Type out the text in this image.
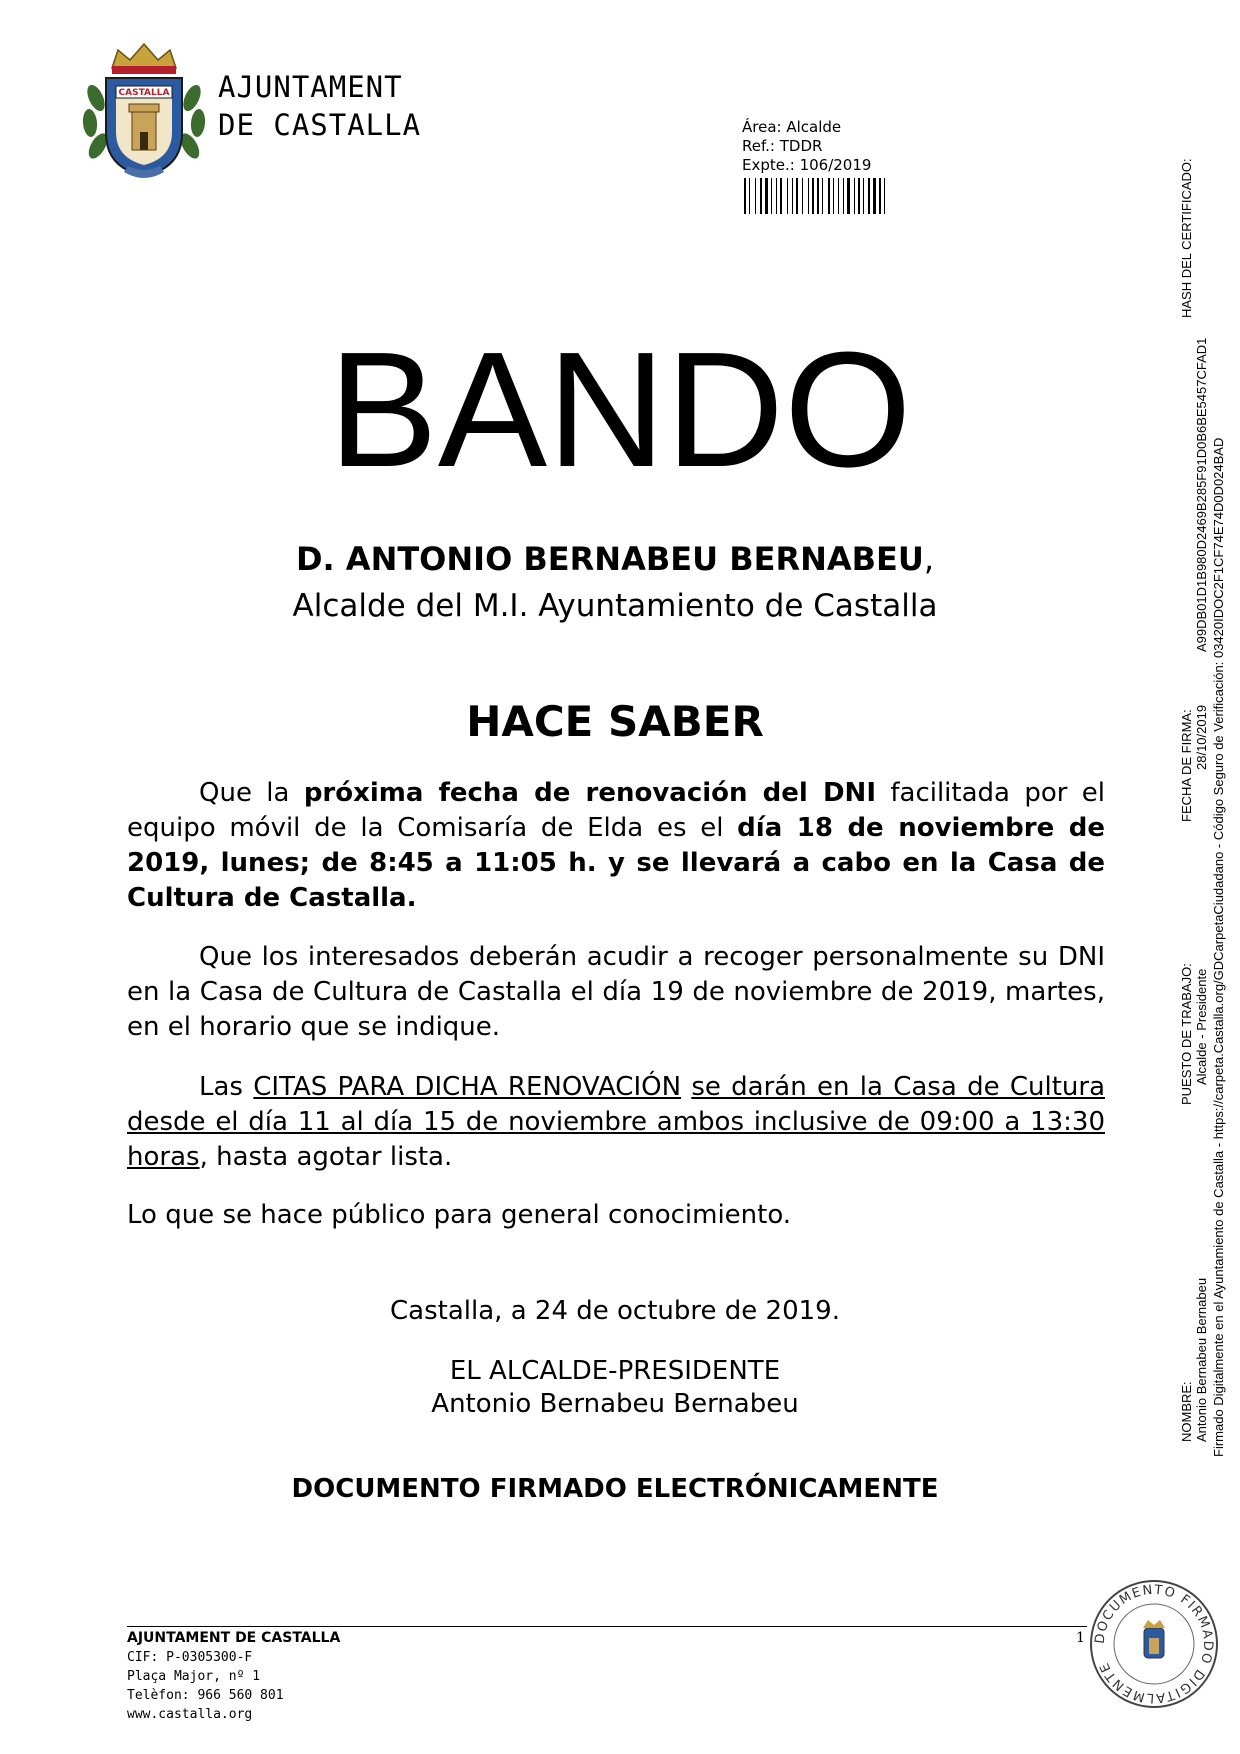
CASTALLA AJUNTAMENT
DE CASTALLA	Área: Alcalde
Ref.: TDDR
Expte.: 106/2019
BANDO
D. ANTONIO BERNABEU BERNABEU,
Alcalde del M.I. Ayuntamiento de Castalla
HACE SABER
Que la próxima fecha de renovación del DNI facilitada por el equipo móvil de la Comisaría de Elda es el día 18 de noviembre de 2019, lunes; de 8:45 a 11:05 h. y se llevará a cabo en la Casa de Cultura de Castalla.
Que los interesados deberán acudir a recoger personalmente su DNI en la Casa de Cultura de Castalla el día 19 de noviembre de 2019, martes, en el horario que se indique.
Las CITAS PARA DICHA RENOVACIÓN se darán en la Casa de Cultura desde el día 11 al día 15 de noviembre ambos inclusive de 09:00 a 13:30 horas, hasta agotar lista.
Lo que se hace público para general conocimiento.
Castalla, a 24 de octubre de 2019.
EL ALCALDE-PRESIDENTE
Antonio Bernabeu Bernabeu
DOCUMENTO FIRMADO ELECTRÓNICAMENTE
HASH DEL CERTIFICADO:
A99DB01D1B980D2469B285F91D0B6BE5457CFAD1
FECHA DE FIRMA: 28/10/2019
PUESTO DE TRABAJO: Alcalde - Presidente
NOMBRE: Antonio Bernabeu Bernabeu Firmado Digitalmente en el Ayuntamiento de Castalla - https://carpeta.Castalla.org/GDCarpetaCiudadano - Código Seguro de Verificación: 03420IDOC2F1CF74E74D0D024BAD
AJUNTAMENT DE CASTALLA
CIF: P-0305300-F
Plaça Major, nº 1
Telèfon: 966 560 801
www.castalla.org
1 DOCUMENTO FIRMADO DIGITALMENTE
